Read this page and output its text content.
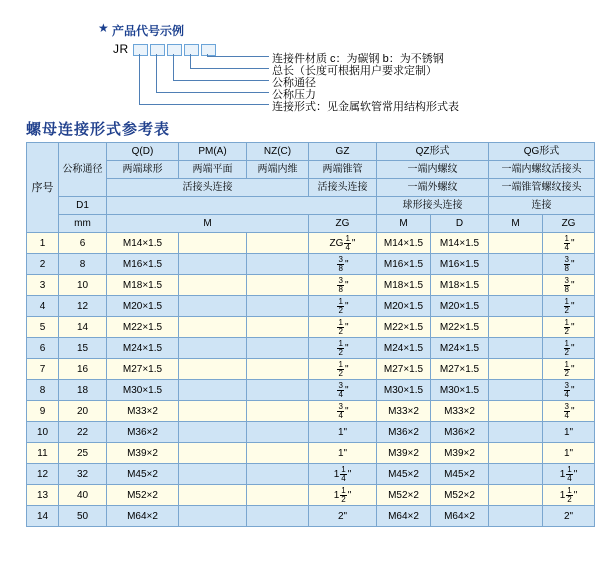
★ 产品代号示例
JR
连接件材质 c：为碳钢 b：为不锈钢
总长（长度可根据用户要求定制）
公称通径
公称压力
连接形式：见金属软管常用结构形式表
螺母连接形式参考表
序号	公称通径	Q(D)	PM(A)	NZ(C)	GZ	QZ形式		QG形式	
		两端球形	两端平面	两端内维	两端锥管	一端内螺纹		一端内螺纹活接头	
		活接头连接			活接头连接	一端外螺纹		一端锥管螺纹接头	
	D1					球形接头连接		连接	
	mm	M			ZG	M	D	M	ZG
1	6	M14×1.5			ZG $\frac{1}{4}$ "	M14×1.5	M14×1.5		$\frac{1}{4}$ "

2	8	M16×1.5			$\frac{3}{8}$ "	M16×1.5	M16×1.5		$\frac{3}{8}$ "

3	10	M18×1.5			$\frac{3}{8}$ "	M18×1.5	M18×1.5		$\frac{3}{8}$ "

4	12	M20×1.5			$\frac{1}{2}$ "	M20×1.5	M20×1.5		$\frac{1}{2}$ "

5	14	M22×1.5			$\frac{1}{2}$ "	M22×1.5	M22×1.5		$\frac{1}{2}$ "

6	15	M24×1.5			$\frac{1}{2}$ "	M24×1.5	M24×1.5		$\frac{1}{2}$ "

7	16	M27×1.5			$\frac{1}{2}$ "	M27×1.5	M27×1.5		$\frac{1}{2}$ "

8	18	M30×1.5			$\frac{3}{4}$ "	M30×1.5	M30×1.5		$\frac{3}{4}$ "

9	20	M33×2			$\frac{3}{4}$ "	M33×2	M33×2		$\frac{3}{4}$ "

10	22	M36×2			1"	M36×2	M36×2		1"
11	25	M39×2			1"	M39×2	M39×2		1"
12	32	M45×2			$1 \frac{1}{4}$ "	M45×2	M45×2		$1 \frac{1}{4}$ "

13	40	M52×2			$1 \frac{1}{2}$ "	M52×2	M52×2		$1 \frac{1}{2}$ "

14	50	M64×2			2"	M64×2	M64×2		2"
